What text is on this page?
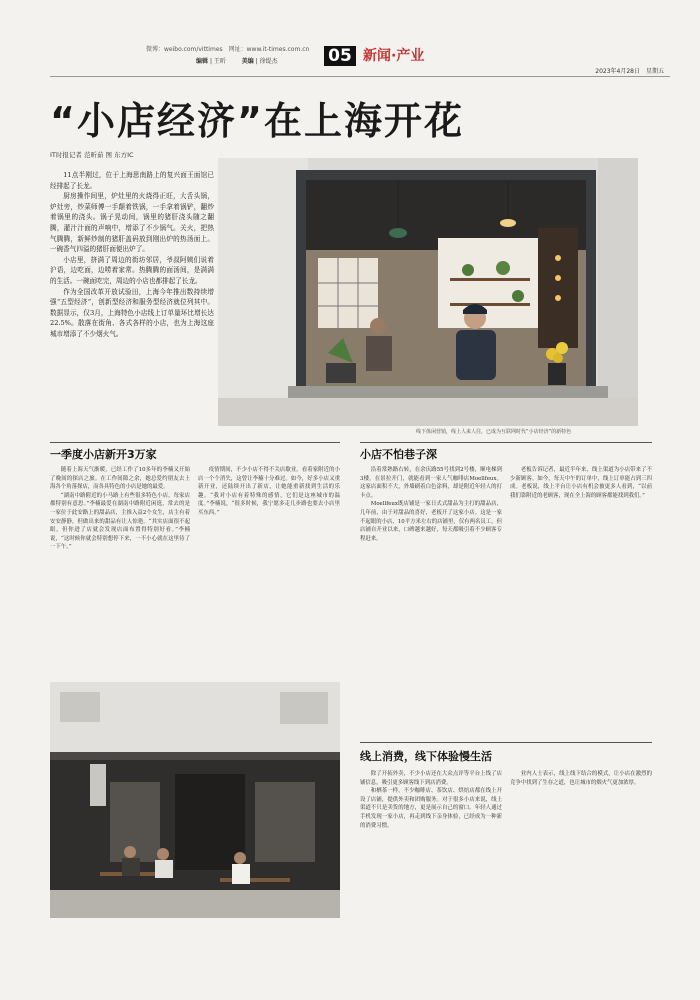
微博：weibo.com/vittimes　网址：www.it-times.com.cn
编辑 | 王昕 　　	美编 | 徐缇杰	05 新闻·产业
2023年4月28日　星期五
“小店经济”在上海开花
IT时报记者 范昕茹 图 东方IC

11点半刚过，位于上海思南路上的复兴面王面馆已经排起了长龙。

厨房操作间里，炉灶里的火烧得正旺，大舌头锅，炉灶旁，炒菜师傅一手颠着铁锅，一手拿着锅铲，翻炒着锅里的浇头。锅子晃动间，锅里的猪肝浇头随之翻腾，灌汁汁面的声响中，增添了不少锅气。关火，把热气腾腾，新鲜炒制的猪肝盖码放到刚出炉的热汤面上。一碗香气四溢的猪肝面便出炉了。

小店里，挤满了周边的街坊邻居，爷叔阿姨们说着沪语，边吃面，边唠着家常。热腾腾的面汤间，是满满的生活。一碗面吃完，周边的小店也都排起了长龙。

作为全国改革开放试验田，上海今年推出数持续增强“五型经济”，创新型经济和服务型经济就位列其中。数据显示，仅3月，上海特色小店线上订单量环比增长达22.5%。散落在街角、各式各样的小店，也为上海这座城市增添了不少烟火气。

线下体闲营销，线上人来人往，已成为互联网时代“小店经济”的新特色
一季度小店新开3万家

随着上海天气渐暖，已经工作了10多年的李楠又开始了晚间的探店之旅。在工作间隙之余，她总爱约朋友去上海各个角落探店，而各具特色的小店是她的最爱。

“湖南中路附近的小马路上有些很多特色小店，每家店都特别有意思。”李楠最爱在湖南中路附近闲逛，常去的是一家位于此安路上的甜品店，主推入益2个女生，店主有着安安静静，但做出来的甜品有让人惊艳。“其实店面很不起眼，但你进了店就会发现店面布置得特别好看。”李楠说，“这时候你就会特别想停下来，一不小心就在这里待了一下午。”

疫情期间，不少小店不得不关店歇业。看着家附近的小店一个个消失，这曾让李楠十分难过。如今，好多小店又重新开业，还陆续开出了新店，让她能重新找到生活的乐趣。“我对小店有着特殊的感情，它们是这座城市的温度。”李楠说，“很多时候，我宁愿多走几步路也要去小店里买东西。”

小店不怕巷子深

沿着常熟路右转，在余庆路55号找到2号楼，顺电梯到3楼，在景拉开门，就能看到一家人气咖啡店Moellfeux。这家店面积不大，外墙刷着白色涂料，却是附近年轻人的打卡点。

Moellfeux既店铺是一家日式式甜品为主打的甜品店，几年前，由于对甜品的喜好，老板开了这家小店。这是一家不起眼的小店，10平方米左右的店铺里，仅有两名员工。但店铺自开业以来，口碑越来越好，每天都吸引着不少顾客专程赶来。

老板告诉记者，最近半年来，线上渠道为小店带来了不少新顾客。如今，每天中午的订单中，线上订单能占到三四成。老板说，线上平台让小店有机会被更多人看到，“以前我们靠附近的老顾客，现在全上海的顾客都能找到我们。”

线上消费，线下体验慢生活

除了开拓外卖，不少小店还在大众点评等平台上线了店铺信息，吸引更多顾客线下到店消费。

和栖茶一样，不少咖啡店、茶饮店、烘焙店都在线上开设了店铺，提供外卖和团购服务。对于很多小店来说，线上渠道不只是卖货的地方，更是展示自己的窗口。年轻人通过手机发现一家小店，再走到线下亲身体验，已经成为一种新的消费习惯。

业内人士表示，线上线下结合的模式，让小店在激烈的竞争中找到了生存之道，也让城市的烟火气更加浓厚。
